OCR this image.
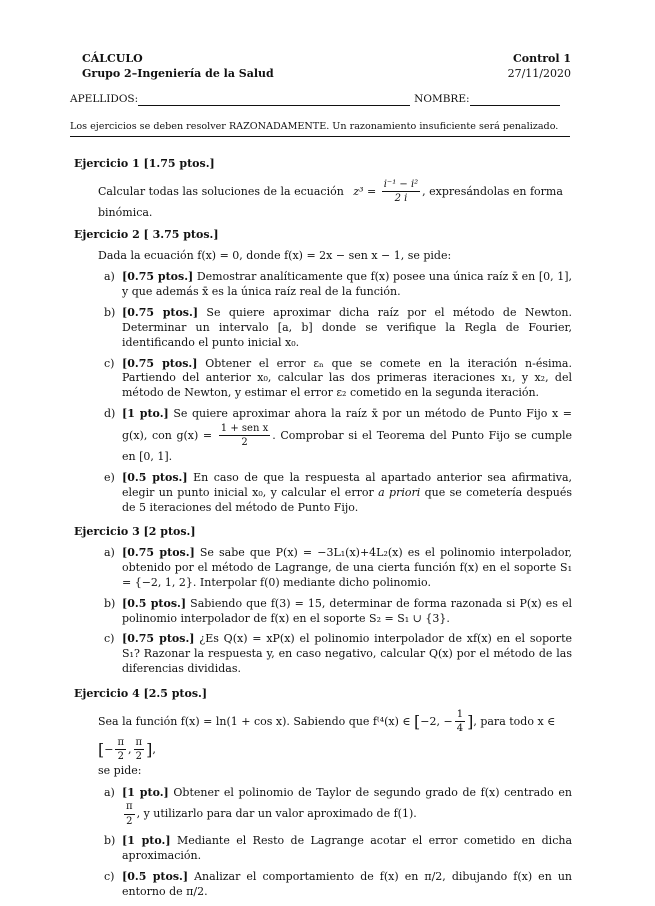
CÁLCULO	Control 1
Grupo 2–Ingeniería de la Salud	27/11/2020
APELLIDOS:	NOMBRE:
Los ejercicios se deben resolver RAZONADAMENTE. Un razonamiento insuficiente será penalizado.
Ejercicio 1 [1.75 ptos.]
Calcular todas las soluciones de la ecuación $z^3 = \frac{\text{i⁻¹ − i²}}{2 i}$ , expresándolas en forma binómica.
Ejercicio 2 [ 3.75 ptos.]
Dada la ecuación f(x) = 0, donde f(x) = 2x − sen x − 1, se pide:
a) [0.75 ptos.] Demostrar analíticamente que f(x) posee una única raíz x̄ en [0, 1], y que además x̄ es la única raíz real de la función.
b) [0.75 ptos.] Se quiere aproximar dicha raíz por el método de Newton. Determinar un intervalo [a, b] donde se verifique la Regla de Fourier, identificando el punto inicial x₀.
c) [0.75 ptos.] Obtener el error εₙ que se comete en la iteración n-ésima. Partiendo del anterior x₀, calcular las dos primeras iteraciones x₁, y x₂, del método de Newton, y estimar el error ε₂ cometido en la segunda iteración.
d) [1 pto.] Se quiere aproximar ahora la raíz x̄ por un método de Punto Fijo x = g(x), con $g(x) = \frac{\text{1 + sen x}}{2}$ . Comprobar si el Teorema del Punto Fijo se cumple en [0, 1].
e) [0.5 ptos.] En caso de que la respuesta al apartado anterior sea afirmativa, elegir un punto inicial x₀, y calcular el error a priori que se cometería después de 5 iteraciones del método de Punto Fijo.
Ejercicio 3 [2 ptos.]
a) [0.75 ptos.] Se sabe que P(x) = −3L₁(x)+4L₂(x) es el polinomio interpolador, obtenido por el método de Lagrange, de una cierta función f(x) en el soporte S₁ = {−2, 1, 2}. Interpolar f(0) mediante dicho polinomio.
b) [0.5 ptos.] Sabiendo que f(3) = 15, determinar de forma razonada si P(x) es el polinomio interpolador de f(x) en el soporte S₂ = S₁ ∪ {3}.
c) [0.75 ptos.] ¿Es Q(x) = xP(x) el polinomio interpolador de xf(x) en el soporte S₁? Razonar la respuesta y, en caso negativo, calcular Q(x) por el método de las diferencias divididas.
Ejercicio 4 [2.5 ptos.]
Sea la función f(x) = ln(1 + cos x). Sabiendo que f⁽⁴(x) ∈ [−2, − $\frac{1}{4}$ ], para todo x ∈ [− $\frac{\pi}{2}$ , $\frac{\pi}{2}$ ],
se pide:
a) [1 pto.] Obtener el polinomio de Taylor de segundo grado de f(x) centrado en
$\frac{\pi}{2}$ , y utilizarlo para dar un valor aproximado de f(1).
b) [1 pto.] Mediante el Resto de Lagrange acotar el error cometido en dicha aproximación.
c) [0.5 ptos.] Analizar el comportamiento de f(x) en π/2, dibujando f(x) en un entorno de π/2.
